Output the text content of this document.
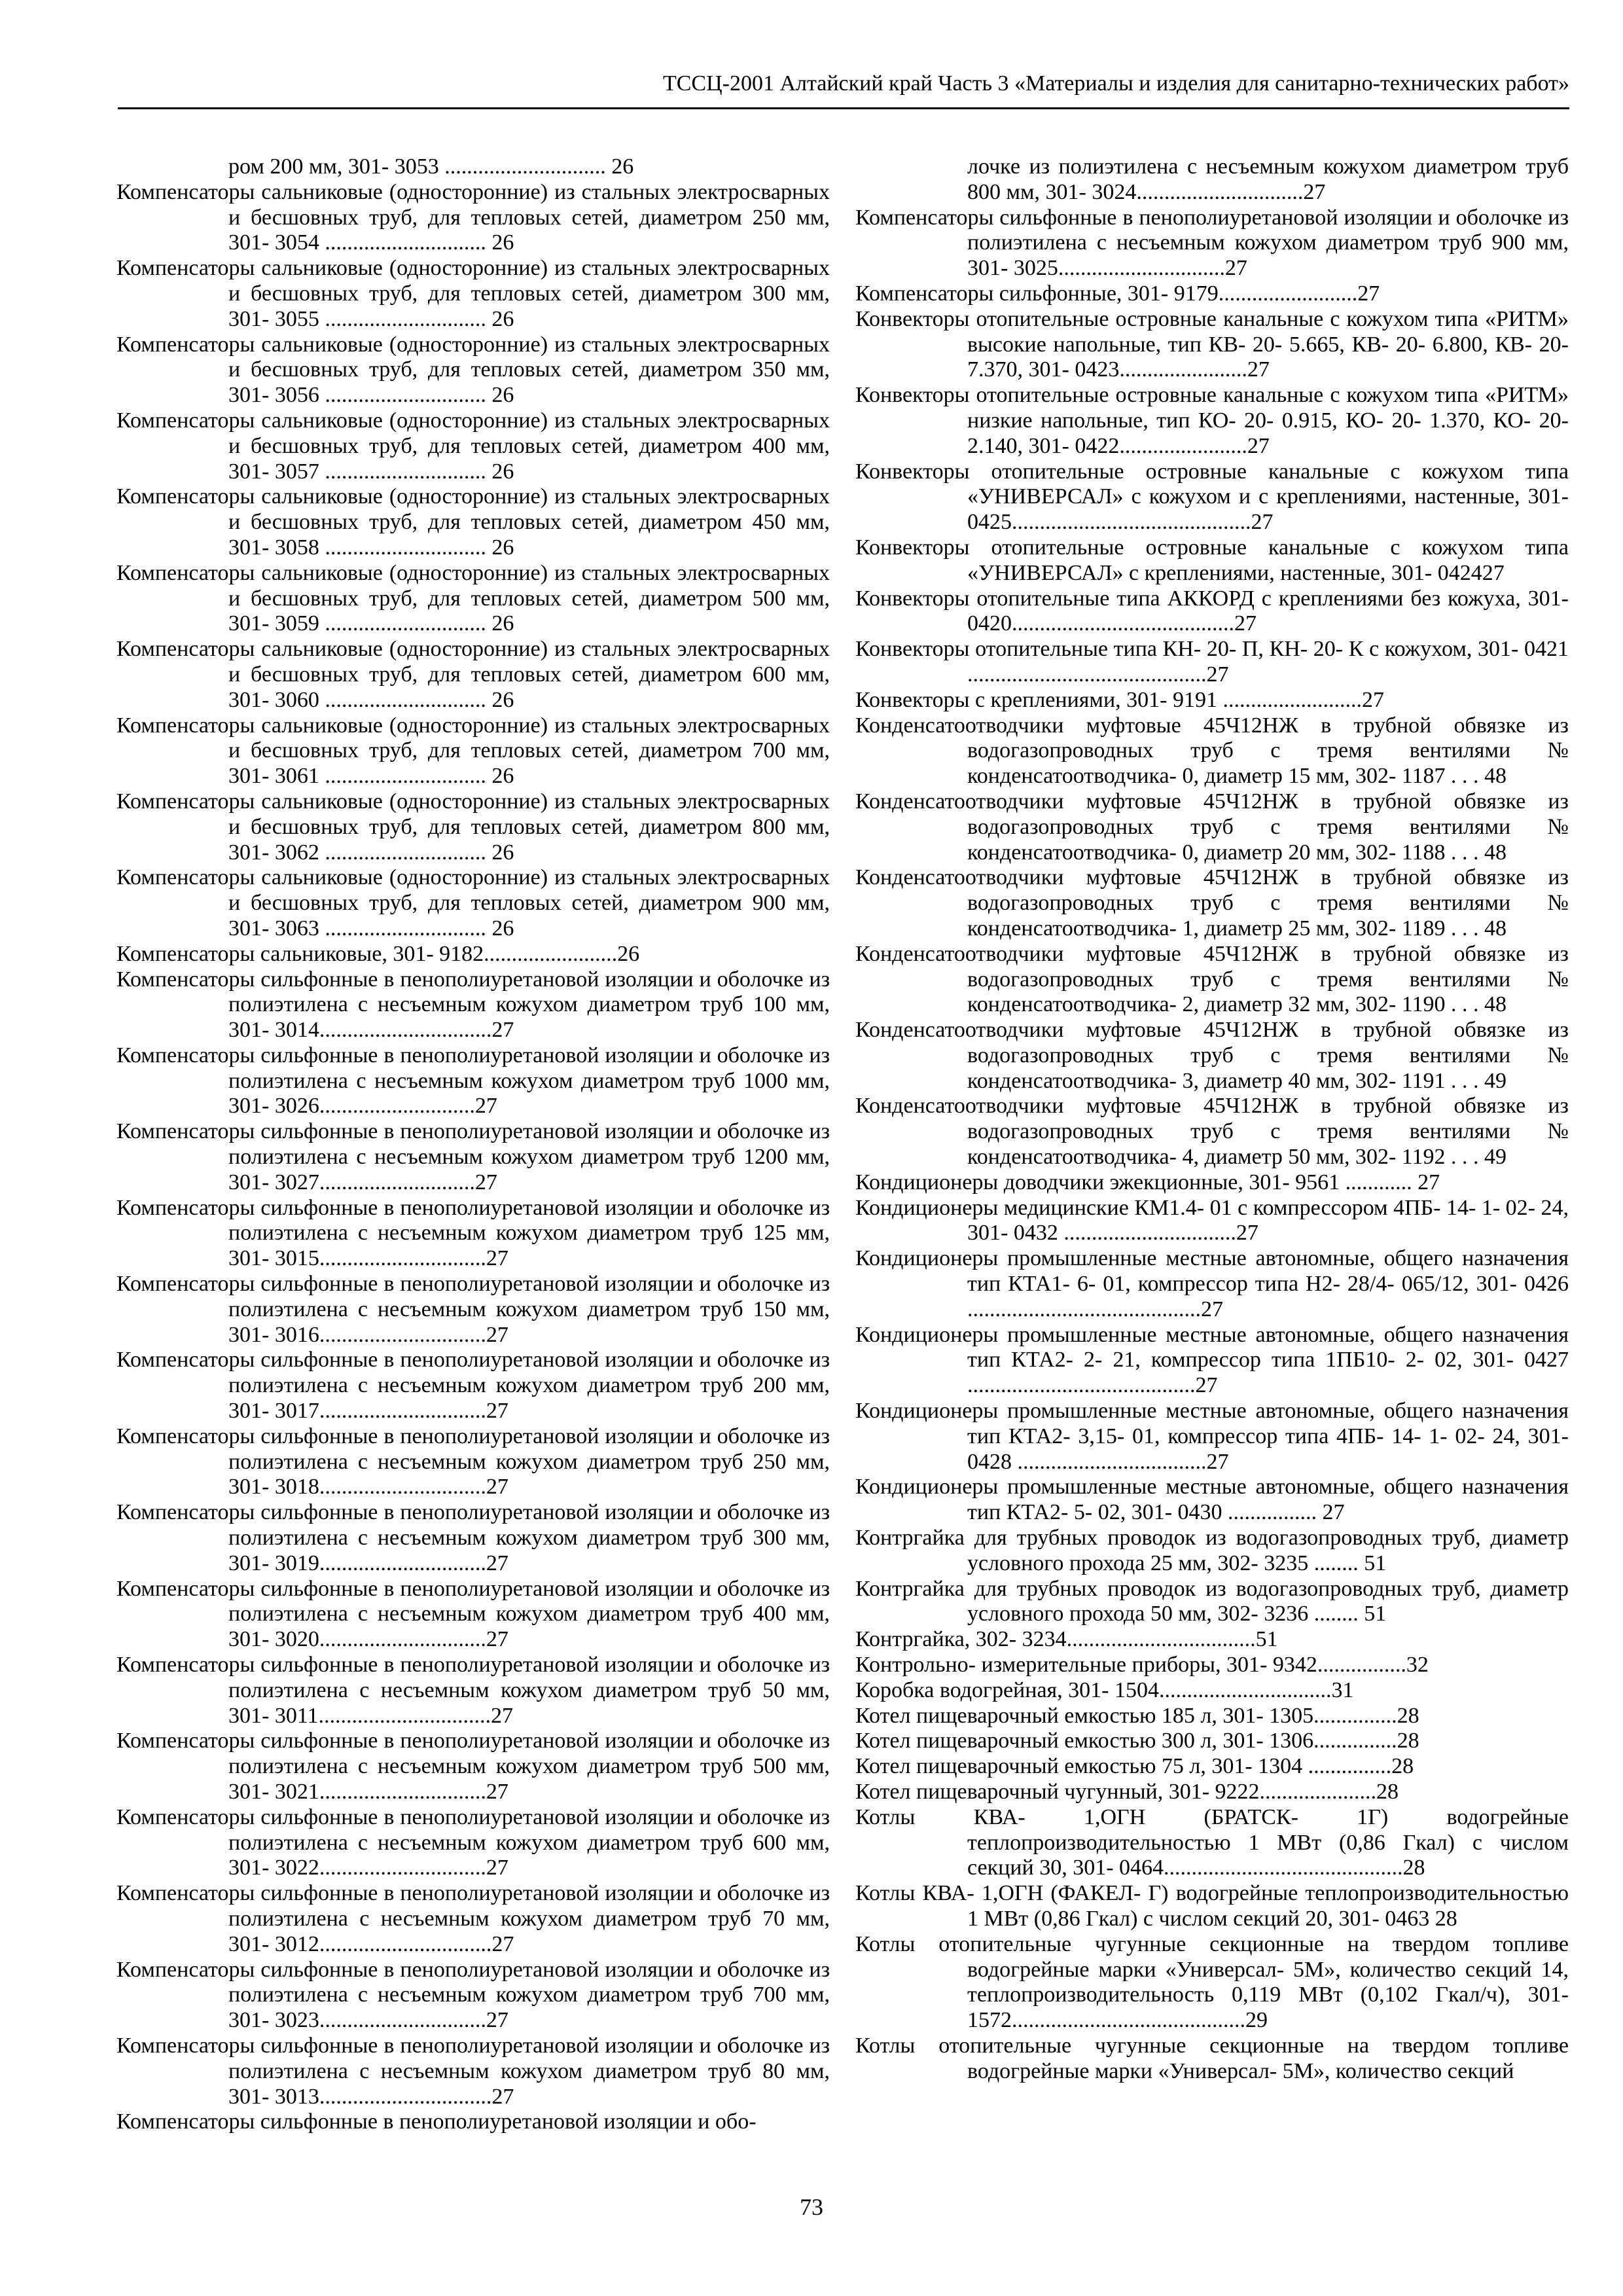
ТССЦ-2001 Алтайский край Часть 3 «Материалы и изделия для санитарно-технических работ»
ром 200 мм, 301- 3053 ............................. 26
Компенсаторы сальниковые (односторонние) из стальных электросварных и бесшовных труб, для тепловых сетей, диаметром 250 мм, 301- 3054 ............................. 26
Компенсаторы сальниковые (односторонние) из стальных электросварных и бесшовных труб, для тепловых сетей, диаметром 300 мм, 301- 3055 ............................. 26
Компенсаторы сальниковые (односторонние) из стальных электросварных и бесшовных труб, для тепловых сетей, диаметром 350 мм, 301- 3056 ............................. 26
Компенсаторы сальниковые (односторонние) из стальных электросварных и бесшовных труб, для тепловых сетей, диаметром 400 мм, 301- 3057 ............................. 26
Компенсаторы сальниковые (односторонние) из стальных электросварных и бесшовных труб, для тепловых сетей, диаметром 450 мм, 301- 3058 ............................. 26
Компенсаторы сальниковые (односторонние) из стальных электросварных и бесшовных труб, для тепловых сетей, диаметром 500 мм, 301- 3059 ............................. 26
Компенсаторы сальниковые (односторонние) из стальных электросварных и бесшовных труб, для тепловых сетей, диаметром 600 мм, 301- 3060 ............................. 26
Компенсаторы сальниковые (односторонние) из стальных электросварных и бесшовных труб, для тепловых сетей, диаметром 700 мм, 301- 3061 ............................. 26
Компенсаторы сальниковые (односторонние) из стальных электросварных и бесшовных труб, для тепловых сетей, диаметром 800 мм, 301- 3062 ............................. 26
Компенсаторы сальниковые (односторонние) из стальных электросварных и бесшовных труб, для тепловых сетей, диаметром 900 мм, 301- 3063 ............................. 26
Компенсаторы сальниковые, 301- 9182........................26
Компенсаторы сильфонные в пенополиуретановой изоляции и оболочке из полиэтилена с несъемным кожухом диаметром труб 100 мм, 301- 3014...............................27
Компенсаторы сильфонные в пенополиуретановой изоляции и оболочке из полиэтилена с несъемным кожухом диаметром труб 1000 мм, 301- 3026............................27
Компенсаторы сильфонные в пенополиуретановой изоляции и оболочке из полиэтилена с несъемным кожухом диаметром труб 1200 мм, 301- 3027............................27
Компенсаторы сильфонные в пенополиуретановой изоляции и оболочке из полиэтилена с несъемным кожухом диаметром труб 125 мм, 301- 3015..............................27
Компенсаторы сильфонные в пенополиуретановой изоляции и оболочке из полиэтилена с несъемным кожухом диаметром труб 150 мм, 301- 3016..............................27
Компенсаторы сильфонные в пенополиуретановой изоляции и оболочке из полиэтилена с несъемным кожухом диаметром труб 200 мм, 301- 3017..............................27
Компенсаторы сильфонные в пенополиуретановой изоляции и оболочке из полиэтилена с несъемным кожухом диаметром труб 250 мм, 301- 3018..............................27
Компенсаторы сильфонные в пенополиуретановой изоляции и оболочке из полиэтилена с несъемным кожухом диаметром труб 300 мм, 301- 3019..............................27
Компенсаторы сильфонные в пенополиуретановой изоляции и оболочке из полиэтилена с несъемным кожухом диаметром труб 400 мм, 301- 3020..............................27
Компенсаторы сильфонные в пенополиуретановой изоляции и оболочке из полиэтилена с несъемным кожухом диаметром труб 50 мм, 301- 3011...............................27
Компенсаторы сильфонные в пенополиуретановой изоляции и оболочке из полиэтилена с несъемным кожухом диаметром труб 500 мм, 301- 3021..............................27
Компенсаторы сильфонные в пенополиуретановой изоляции и оболочке из полиэтилена с несъемным кожухом диаметром труб 600 мм, 301- 3022..............................27
Компенсаторы сильфонные в пенополиуретановой изоляции и оболочке из полиэтилена с несъемным кожухом диаметром труб 70 мм, 301- 3012...............................27
Компенсаторы сильфонные в пенополиуретановой изоляции и оболочке из полиэтилена с несъемным кожухом диаметром труб 700 мм, 301- 3023..............................27
Компенсаторы сильфонные в пенополиуретановой изоляции и оболочке из полиэтилена с несъемным кожухом диаметром труб 80 мм, 301- 3013...............................27
Компенсаторы сильфонные в пенополиуретановой изоляции и обо-
лочке из полиэтилена с несъемным кожухом диаметром труб 800 мм, 301- 3024..............................27
Компенсаторы сильфонные в пенополиуретановой изоляции и оболочке из полиэтилена с несъемным кожухом диаметром труб 900 мм, 301- 3025..............................27
Компенсаторы сильфонные, 301- 9179.........................27
Конвекторы отопительные островные канальные с кожухом типа «РИТМ» высокие напольные, тип КВ- 20- 5.665, КВ- 20- 6.800, КВ- 20- 7.370, 301- 0423.......................27
Конвекторы отопительные островные канальные с кожухом типа «РИТМ» низкие напольные, тип КО- 20- 0.915, КО- 20- 1.370, КО- 20- 2.140, 301- 0422.......................27
Конвекторы отопительные островные канальные с кожухом типа «УНИВЕРСАЛ» с кожухом и с креплениями, настенные, 301- 0425...........................................27
Конвекторы отопительные островные канальные с кожухом типа «УНИВЕРСАЛ» с креплениями, настенные, 301- 042427
Конвекторы отопительные типа АККОРД с креплениями без кожуха, 301- 0420........................................27
Конвекторы отопительные типа КН- 20- П, КН- 20- К с кожухом, 301- 0421 ...........................................27
Конвекторы с креплениями, 301- 9191 .........................27
Конденсатоотводчики муфтовые 45Ч12НЖ в трубной обвязке из водогазопроводных труб с тремя вентилями № конденсатоотводчика- 0, диаметр 15 мм, 302- 1187 . . . 48
Конденсатоотводчики муфтовые 45Ч12НЖ в трубной обвязке из водогазопроводных труб с тремя вентилями № конденсатоотводчика- 0, диаметр 20 мм, 302- 1188 . . . 48
Конденсатоотводчики муфтовые 45Ч12НЖ в трубной обвязке из водогазопроводных труб с тремя вентилями № конденсатоотводчика- 1, диаметр 25 мм, 302- 1189 . . . 48
Конденсатоотводчики муфтовые 45Ч12НЖ в трубной обвязке из водогазопроводных труб с тремя вентилями № конденсатоотводчика- 2, диаметр 32 мм, 302- 1190 . . . 48
Конденсатоотводчики муфтовые 45Ч12НЖ в трубной обвязке из водогазопроводных труб с тремя вентилями № конденсатоотводчика- 3, диаметр 40 мм, 302- 1191 . . . 49
Конденсатоотводчики муфтовые 45Ч12НЖ в трубной обвязке из водогазопроводных труб с тремя вентилями № конденсатоотводчика- 4, диаметр 50 мм, 302- 1192 . . . 49
Кондиционеры доводчики эжекционные, 301- 9561 ............ 27
Кондиционеры медицинские КМ1.4- 01 с компрессором 4ПБ- 14- 1- 02- 24, 301- 0432 ...............................27
Кондиционеры промышленные местные автономные, общего назначения тип КТА1- 6- 01, компрессор типа Н2- 28/4- 065/12, 301- 0426 ..........................................27
Кондиционеры промышленные местные автономные, общего назначения тип КТА2- 2- 21, компрессор типа 1ПБ10- 2- 02, 301- 0427 .........................................27
Кондиционеры промышленные местные автономные, общего назначения тип КТА2- 3,15- 01, компрессор типа 4ПБ- 14- 1- 02- 24, 301- 0428 ..................................27
Кондиционеры промышленные местные автономные, общего назначения тип КТА2- 5- 02, 301- 0430 ................ 27
Контргайка для трубных проводок из водогазопроводных труб, диаметр условного прохода 25 мм, 302- 3235 ........ 51
Контргайка для трубных проводок из водогазопроводных труб, диаметр условного прохода 50 мм, 302- 3236 ........ 51
Контргайка, 302- 3234..................................51
Контрольно- измерительные приборы, 301- 9342................32
Коробка водогрейная, 301- 1504...............................31
Котел пищеварочный емкостью 185 л, 301- 1305...............28
Котел пищеварочный емкостью 300 л, 301- 1306...............28
Котел пищеварочный емкостью 75 л, 301- 1304 ...............28
Котел пищеварочный чугунный, 301- 9222.....................28
Котлы КВА- 1,ОГН (БРАТСК- 1Г) водогрейные теплопроизводительностью 1 МВт (0,86 Гкал) с числом секций 30, 301- 0464...........................................28
Котлы КВА- 1,ОГН (ФАКЕЛ- Г) водогрейные теплопроизводительностью 1 МВт (0,86 Гкал) с числом секций 20, 301- 0463 28
Котлы отопительные чугунные секционные на твердом топливе водогрейные марки «Универсал- 5М», количество секций 14, теплопроизводительность 0,119 МВт (0,102 Гкал/ч), 301- 1572..........................................29
Котлы отопительные чугунные секционные на твердом топливе водогрейные марки «Универсал- 5М», количество секций
73
